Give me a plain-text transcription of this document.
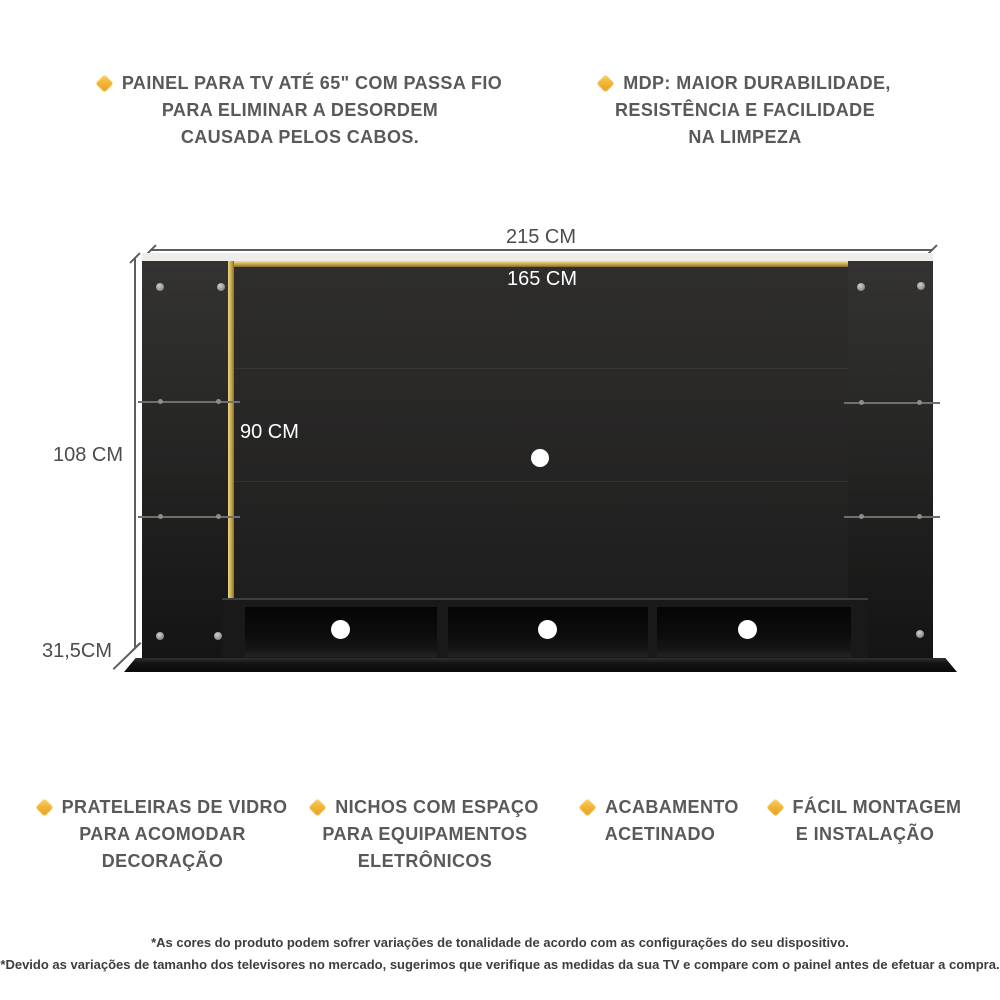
PAINEL PARA TV ATÉ 65" COM PASSA FIO
PARA ELIMINAR A DESORDEM
CAUSADA PELOS CABOS.
MDP: MAIOR DURABILIDADE,
RESISTÊNCIA E FACILIDADE
NA LIMPEZA
215 CM
108 CM
31,5CM
165 CM
90 CM
PRATELEIRAS DE VIDRO
PARA ACOMODAR
DECORAÇÃO
NICHOS COM ESPAÇO
PARA EQUIPAMENTOS
ELETRÔNICOS
ACABAMENTO
ACETINADO
FÁCIL MONTAGEM
E INSTALAÇÃO
*As cores do produto podem sofrer variações de tonalidade de acordo com as configurações do seu dispositivo.
*Devido as variações de tamanho dos televisores no mercado, sugerimos que verifique as medidas da sua TV e compare com o painel antes de efetuar a compra.
